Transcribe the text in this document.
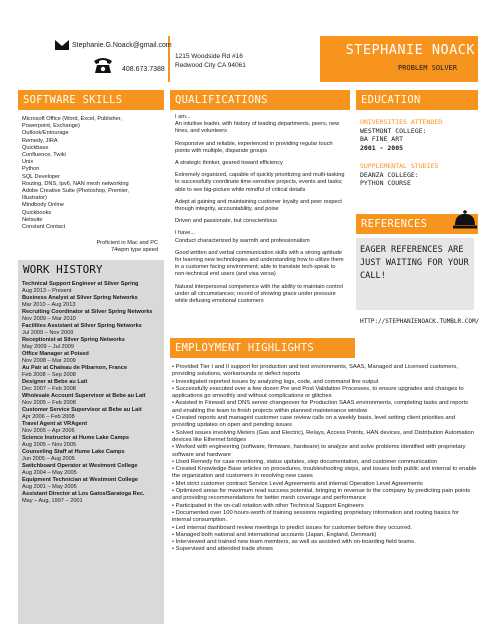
Stephanie.G.Noack@gmail.com
408.673.7388
1215 Woodside Rd #16
Redwood City CA 94061
STEPHANIE NOACK
PROBLEM SOLVER
SOFTWARE SKILLS
Microsoft Office (Word, Excel, Publisher,
Powerpoint, Exchange)
Outlook/Entourage
Remedy, JIRA
Quickbase
Confluence, Twiki
Unix
Python
SQL Developer
Routing, DNS, Ipv6, NAN mesh networking
Adobe Creative Suite (Photoshop, Premier,
Illustrator)
Mindbody Online
Quickbooks
Netsuite
Constant Contact
Proficient in Mac and PC
74wpm type speed
WORK HISTORY
Technical Support Engineer at Silver Spring
Aug 2013 – Present
Business Analyst at Silver Spring Networks
Mar 2010 – Aug 2013
Recruiting Coordinator at Silver Spring Networks
Nov 2009 – Mar 2010
Facilities Assistant at Silver Spring Networks
Jul 2009 – Nov 2009
Receptionist at Silver Spring Networks
May 2009 – Jul 2009
Office Manager at Poised
Nov 2008 – Mar 2009
Au Pair at Chateau de Pibarnon, France
Feb 2008 – Sep 2008
Designer at Bebe au Lait
Dec 2007 – Feb 2008
Wholesale Account Supervisor at Bebe au Lait
Nov 2005 – Feb 2008
Customer Service Supervisor at Bebe au Lait
Apr 2006 – Feb 2008
Travel Agent at VRAgent
Nov 2005 – Apr 2006
Science Instructor at Hume Lake Camps
Aug 2005 – Nov 2005
Counseling Staff at Hume Lake Camps
Jun 2005 – Aug 2005
Switchboard Operator at Westmont College
Aug 2004 – May 2005
Equipment Technician at Westmont College
Aug 2001 – May 2005
Assistant Director at Los Gatos/Saratoga Rec.
May – Aug, 1997 – 2001
QUALIFICATIONS
I am...
An intuitive leader, with history of leading departments, peers, new hires, and volunteers
Responsive and reliable, experienced in providing regular touch points with multiple, disparate groups
A strategic thinker, geared toward efficiency
Extremely organized, capable of quickly prioritizing and multi-tasking to successfully coordinate time-sensitive projects, events and tasks; able to see big-picture while mindful of critical details
Adept at gaining and maintaining customer loyalty and peer respect through integrity, accountability, and poise
Driven and passionate, but conscientious
I have...
Conduct characterized by warmth and professionalism
Good written and verbal communication skills with a strong aptitude for learning new technologies and understanding how to utilize them in a customer facing environment; able to translate tech-speak to non-technical end users (and visa versa)
Natural interpersonal competence with the ability to maintain control under all circumstances; record of showing grace under pressure while defusing emotional customers
EDUCATION
UNIVERSITIES ATTENDED
WESTMONT COLLEGE:
BA FINE ART
2001 - 2005
SUPPLEMENTAL STUDIES
DEANZA COLLEGE:
PYTHON COURSE
REFERENCES
EAGER REFERENCES ARE JUST WAITING FOR YOUR CALL!
HTTP://STEPHANIENOACK.TUMBLR.COM/
EMPLOYMENT HIGHLIGHTS
• Provided Tier I and II support for production and test environments, SAAS, Managed and Licensed customers, providing solutions, workarounds or defect reports
• Investigated reported issues by analyzing logs, code, and command line output
• Successfully executed over a few dozen Pre and Post Validation Processes, to ensure upgrades and changes to applications go smoothly and without complications or glitches
• Assisted in Firewall and DNS server changeover for Production SAAS environments, completing tasks and reports and enabling the team to finish projects within planned maintenance window
• Created reports and managed customer case review calls on a weekly basis, level setting client priorities and providing updates on open and pending issues
• Solved issues involving Meters (Gas and Electric), Relays, Access Points, HAN devices, and Distribution Automation devices like Ethernet bridges
• Worked with engineering (software, firmware, hardware) to analyze and solve problems identified with proprietary software and hardware
• Used Remedy for case monitoring, status updates, step documentation, and customer communication
• Created Knowledge Base articles on procedures, troubleshooting steps, and issues both public and internal to enable the organization and customers in resolving new cases
• Met strict customer contract Service Level Agreements and internal Operation Level Agreements
• Optimized areas for maximum read success potential, bringing in revenue to the company by predicting pain points and providing recommendations for better mesh coverage and performance
• Participated in the on-call rotation with other Technical Support Engineers
• Documented over 100 hours-worth of training sessions regarding proprietary information and routing basics for internal consumption.
• Led internal dashboard review meetings to predict issues for customer before they occurred.
• Managed both national and international accounts (Japan, England, Denmark)
• Interviewed and trained new team members, as well as assisted with on-boarding field teams.
• Supervised and attended trade shows
